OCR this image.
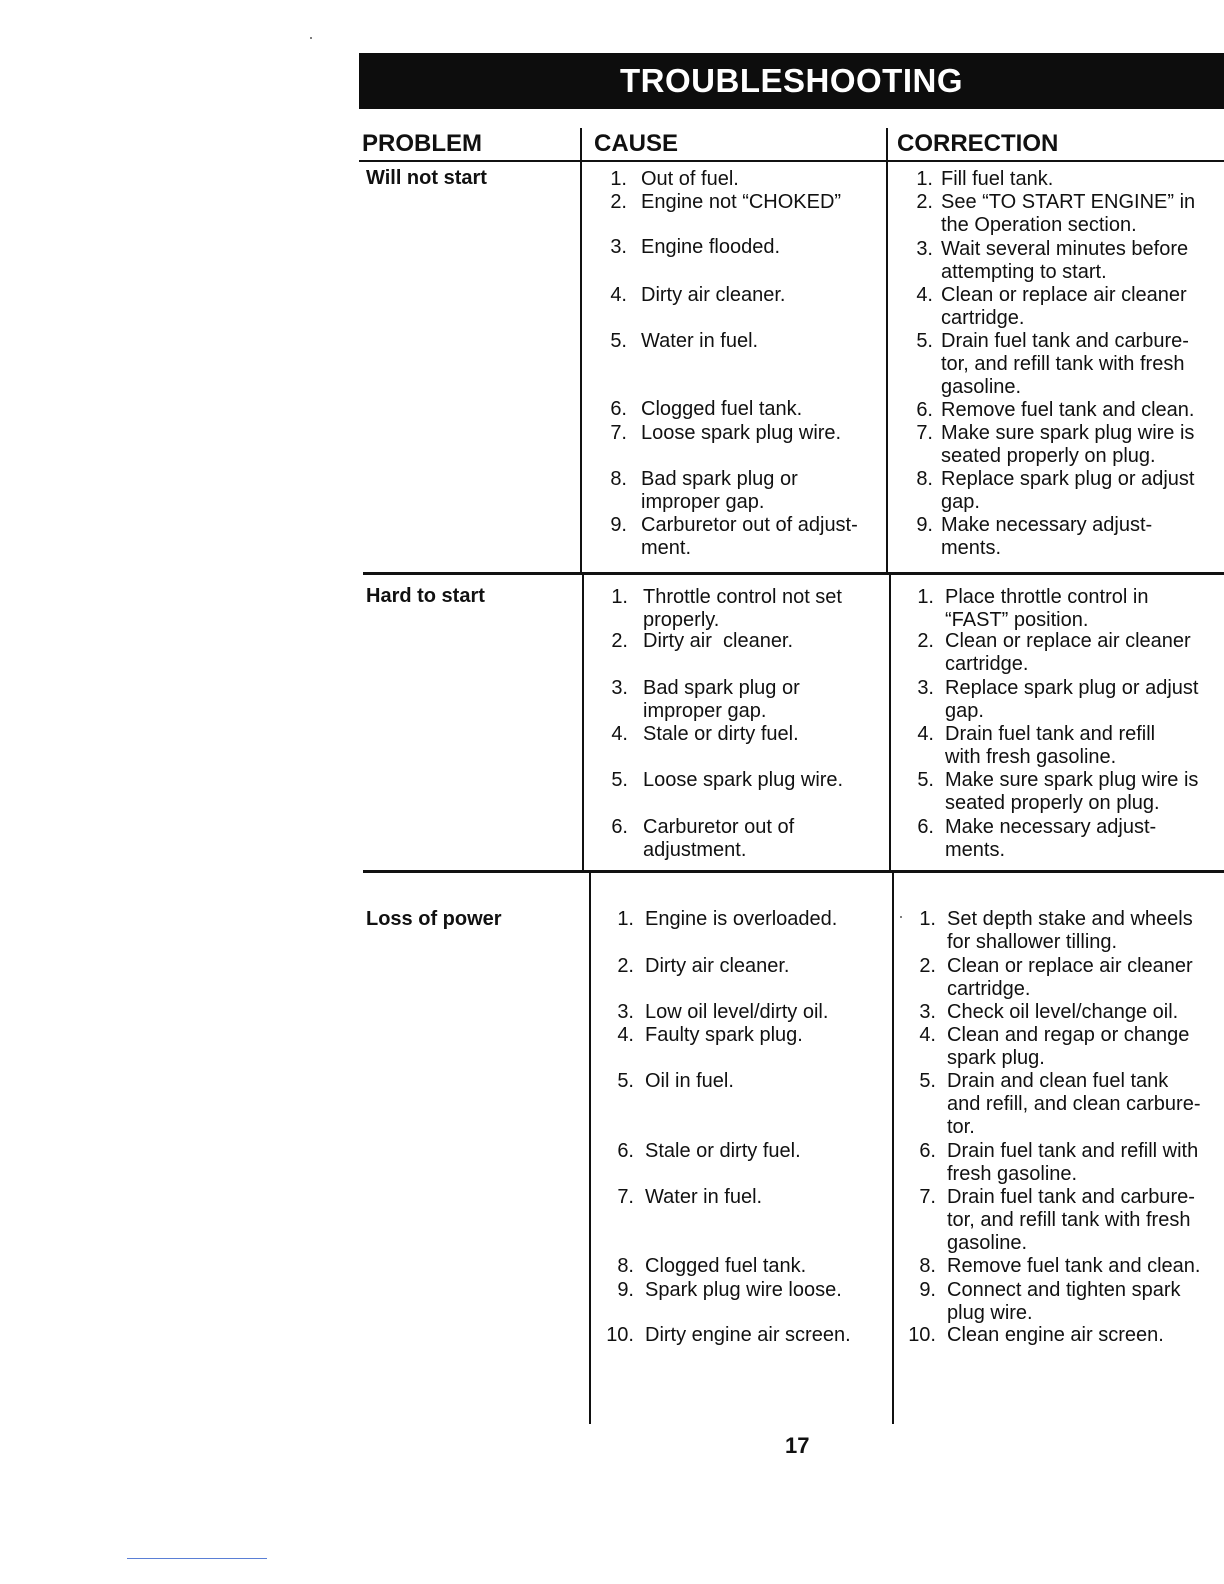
TROUBLESHOOTING
PROBLEM	CAUSE	CORRECTION
Will not start
Hard to start
Loss of power
1. Out of fuel.
2. Engine not “CHOKED”
3. Engine flooded.
4. Dirty air cleaner.
5. Water in fuel.
6. Clogged fuel tank.
7. Loose spark plug wire.
8. Bad spark plug or
improper gap.
9. Carburetor out of adjust-
ment.
1. Fill fuel tank.
2. See “TO START ENGINE” in
the Operation section.
3. Wait several minutes before
attempting to start.
4. Clean or replace air cleaner
cartridge.
5. Drain fuel tank and carbure-
tor, and refill tank with fresh
gasoline.
6. Remove fuel tank and clean.
7. Make sure spark plug wire is
seated properly on plug.
8. Replace spark plug or adjust
gap.
9. Make necessary adjust-
ments.
1. Throttle control not set
properly.
2. Dirty air  cleaner.
3. Bad spark plug or
improper gap.
4. Stale or dirty fuel.
5. Loose spark plug wire.
6. Carburetor out of
adjustment.
1. Place throttle control in
“FAST” position.
2. Clean or replace air cleaner
cartridge.
3. Replace spark plug or adjust
gap.
4. Drain fuel tank and refill
with fresh gasoline.
5. Make sure spark plug wire is
seated properly on plug.
6. Make necessary adjust-
ments.
1. Engine is overloaded.
2. Dirty air cleaner.
3. Low oil level/dirty oil.
4. Faulty spark plug.
5. Oil in fuel.
6. Stale or dirty fuel.
7. Water in fuel.
8. Clogged fuel tank.
9. Spark plug wire loose.
10. Dirty engine air screen.
1. Set depth stake and wheels
for shallower tilling.
2. Clean or replace air cleaner
cartridge.
3. Check oil level/change oil.
4. Clean and regap or change
spark plug.
5. Drain and clean fuel tank
and refill, and clean carbure-
tor.
6. Drain fuel tank and refill with
fresh gasoline.
7. Drain fuel tank and carbure-
tor, and refill tank with fresh
gasoline.
8. Remove fuel tank and clean.
9. Connect and tighten spark
plug wire.
10. Clean engine air screen.
17
